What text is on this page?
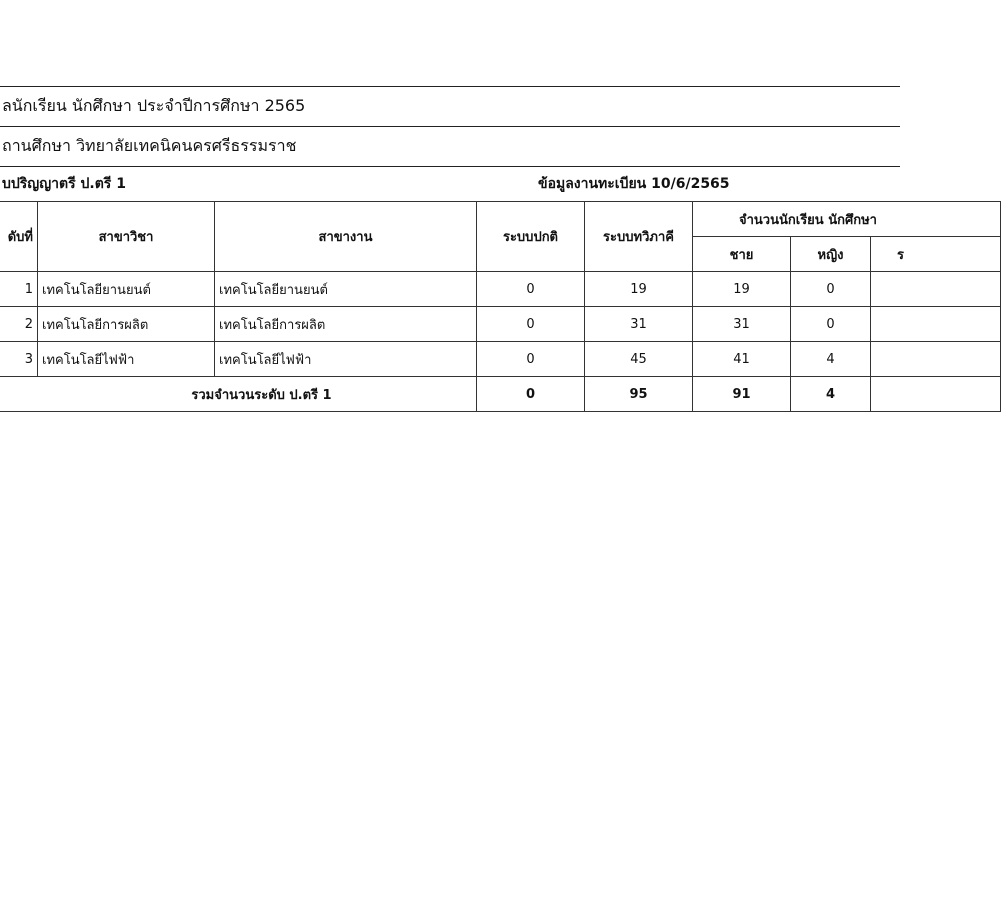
ลนักเรียน นักศึกษา ประจำปีการศึกษา 2565
ถานศึกษา วิทยาลัยเทคนิคนครศรีธรรมราช
บปริญญาตรี ป.ตรี 1	ข้อมูลงานทะเบียน 10/6/2565
ดับที่	สาขาวิชา	สาขางาน	ระบบปกติ	ระบบทวิภาคี	จำนวนนักเรียน นักศึกษา		
					ชาย	หญิง	ร
1	เทคโนโลยียานยนต์	เทคโนโลยียานยนต์	0	19	19	0	
2	เทคโนโลยีการผลิต	เทคโนโลยีการผลิต	0	31	31	0	
3	เทคโนโลยีไฟฟ้า	เทคโนโลยีไฟฟ้า	0	45	41	4	
รวมจำนวนระดับ ป.ตรี 1			0	95	91	4	
